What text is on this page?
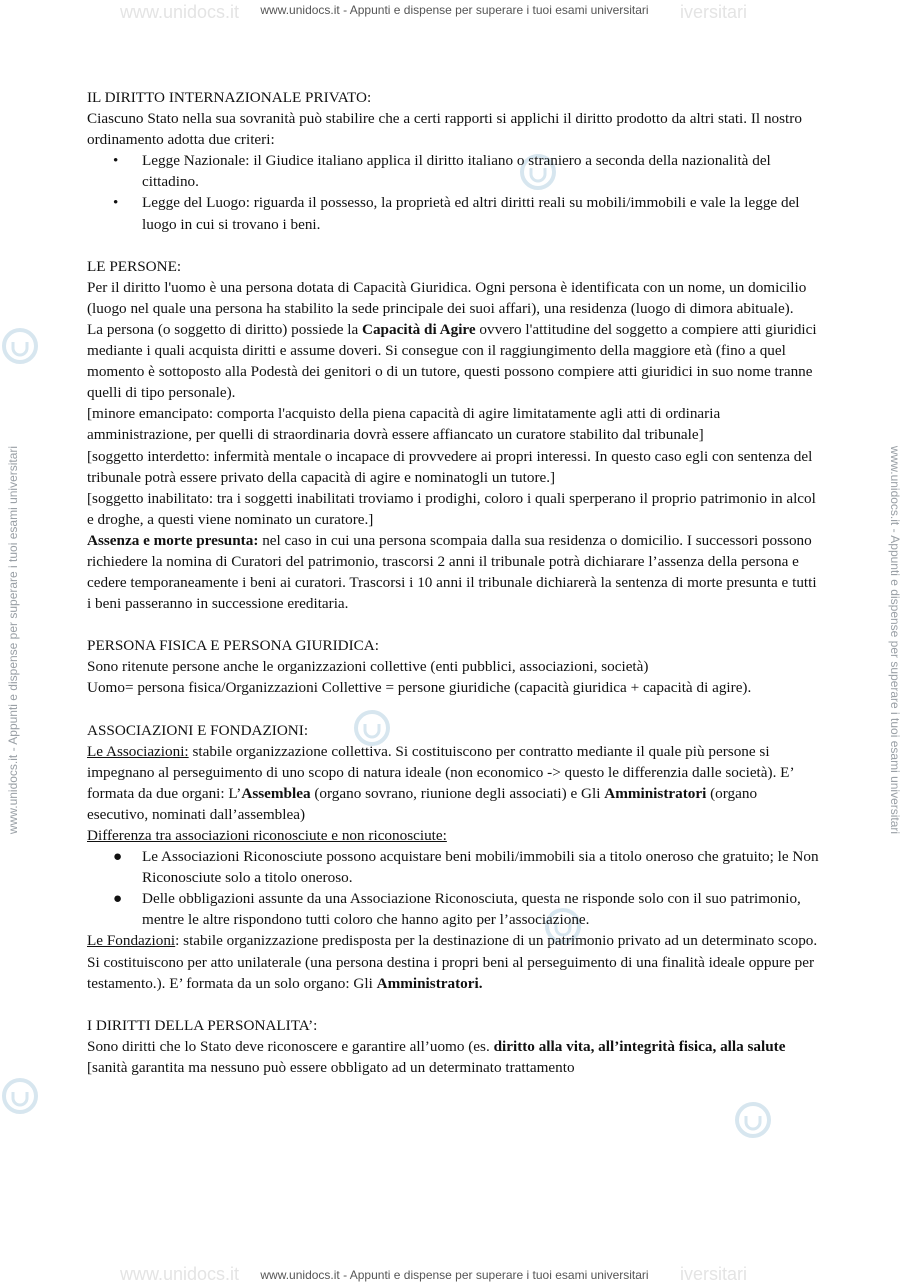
www.unidocs.it	iversitari
www.unidocs.it	iversitari
www.unidocs.it - Appunti e dispense per superare i tuoi esami universitari
www.unidocs.it - Appunti e dispense per superare i tuoi esami universitari
www.unidocs.it - Appunti e dispense per superare i tuoi esami universitari	www.unidocs.it - Appunti e dispense per superare i tuoi esami universitari

IL DIRITTO INTERNAZIONALE PRIVATO:

Ciascuno Stato nella sua sovranità può stabilire che a certi rapporti si applichi il diritto prodotto da altri stati. Il nostro ordinamento adotta due criteri:

• Legge Nazionale: il Giudice italiano applica il diritto italiano o straniero a seconda della nazionalità del cittadino.
• Legge del Luogo: riguarda il possesso, la proprietà ed altri diritti reali su mobili/immobili e vale la legge del luogo in cui si trovano i beni.

LE PERSONE:

Per il diritto l'uomo è una persona dotata di Capacità Giuridica. Ogni persona è identificata con un nome, un domicilio (luogo nel quale una persona ha stabilito la sede principale dei suoi affari), una residenza (luogo di dimora abituale).

La persona (o soggetto di diritto) possiede la Capacità di Agire ovvero l'attitudine del soggetto a compiere atti giuridici mediante i quali acquista diritti e assume doveri. Si consegue con il raggiungimento della maggiore età (fino a quel momento è sottoposto alla Podestà dei genitori o di un tutore, questi possono compiere atti giuridici in suo nome tranne quelli di tipo personale).

[minore emancipato: comporta l'acquisto della piena capacità di agire limitatamente agli atti di ordinaria amministrazione, per quelli di straordinaria dovrà essere affiancato un curatore stabilito dal tribunale]

[soggetto interdetto: infermità mentale o incapace di provvedere ai propri interessi. In questo caso egli con sentenza del tribunale potrà essere privato della capacità di agire e nominatogli un tutore.]

[soggetto inabilitato: tra i soggetti inabilitati troviamo i prodighi, coloro i quali sperperano il proprio patrimonio in alcol e droghe, a questi viene nominato un curatore.]

Assenza e morte presunta: nel caso in cui una persona scompaia dalla sua residenza o domicilio. I successori possono richiedere la nomina di Curatori del patrimonio, trascorsi 2 anni il tribunale potrà dichiarare l’assenza della persona e cedere temporaneamente i beni ai curatori. Trascorsi i 10 anni il tribunale dichiarerà la sentenza di morte presunta e tutti i beni passeranno in successione ereditaria.

PERSONA FISICA E PERSONA GIURIDICA:

Sono ritenute persone anche le organizzazioni collettive (enti pubblici, associazioni, società)

Uomo= persona fisica/Organizzazioni Collettive = persone giuridiche (capacità giuridica + capacità di agire).

ASSOCIAZIONI E FONDAZIONI:

Le Associazioni: stabile organizzazione collettiva. Si costituiscono per contratto mediante il quale più persone si impegnano al perseguimento di uno scopo di natura ideale (non economico -> questo le differenzia dalle società). E’ formata da due organi: L’Assemblea (organo sovrano, riunione degli associati) e Gli Amministratori (organo esecutivo, nominati dall’assemblea)

Differenza tra associazioni riconosciute e non riconosciute:

● Le Associazioni Riconosciute possono acquistare beni mobili/immobili sia a titolo oneroso che gratuito; le Non Riconosciute solo a titolo oneroso.
● Delle obbligazioni assunte da una Associazione Riconosciuta, questa ne risponde solo con il suo patrimonio, mentre le altre rispondono tutti coloro che hanno agito per l’associazione.

Le Fondazioni: stabile organizzazione predisposta per la destinazione di un patrimonio privato ad un determinato scopo. Si costituiscono per atto unilaterale (una persona destina i propri beni al perseguimento di una finalità ideale oppure per testamento.). E’ formata da un solo organo: Gli Amministratori.

I DIRITTI DELLA PERSONALITA’:

Sono diritti che lo Stato deve riconoscere e garantire all’uomo (es. diritto alla vita, all’integrità fisica, alla salute [sanità garantita ma nessuno può essere obbligato ad un determinato trattamento
